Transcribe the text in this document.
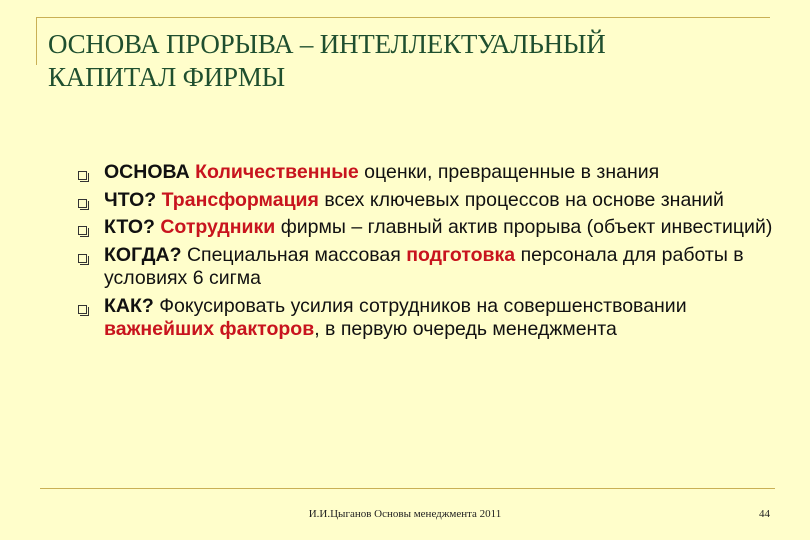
ОСНОВА ПРОРЫВА – ИНТЕЛЛЕКТУАЛЬНЫЙ
КАПИТАЛ ФИРМЫ
ОСНОВА Количественные оценки, превращенные в знания
ЧТО? Трансформация всех ключевых процессов на основе знаний
КТО? Сотрудники фирмы – главный актив прорыва (объект инвестиций)
КОГДА? Специальная массовая подготовка персонала для работы в условиях 6 сигма
КАК? Фокусировать усилия сотрудников на совершенствовании важнейших факторов, в первую очередь менеджмента
И.И.Цыганов Основы менеджмента 2011	44
